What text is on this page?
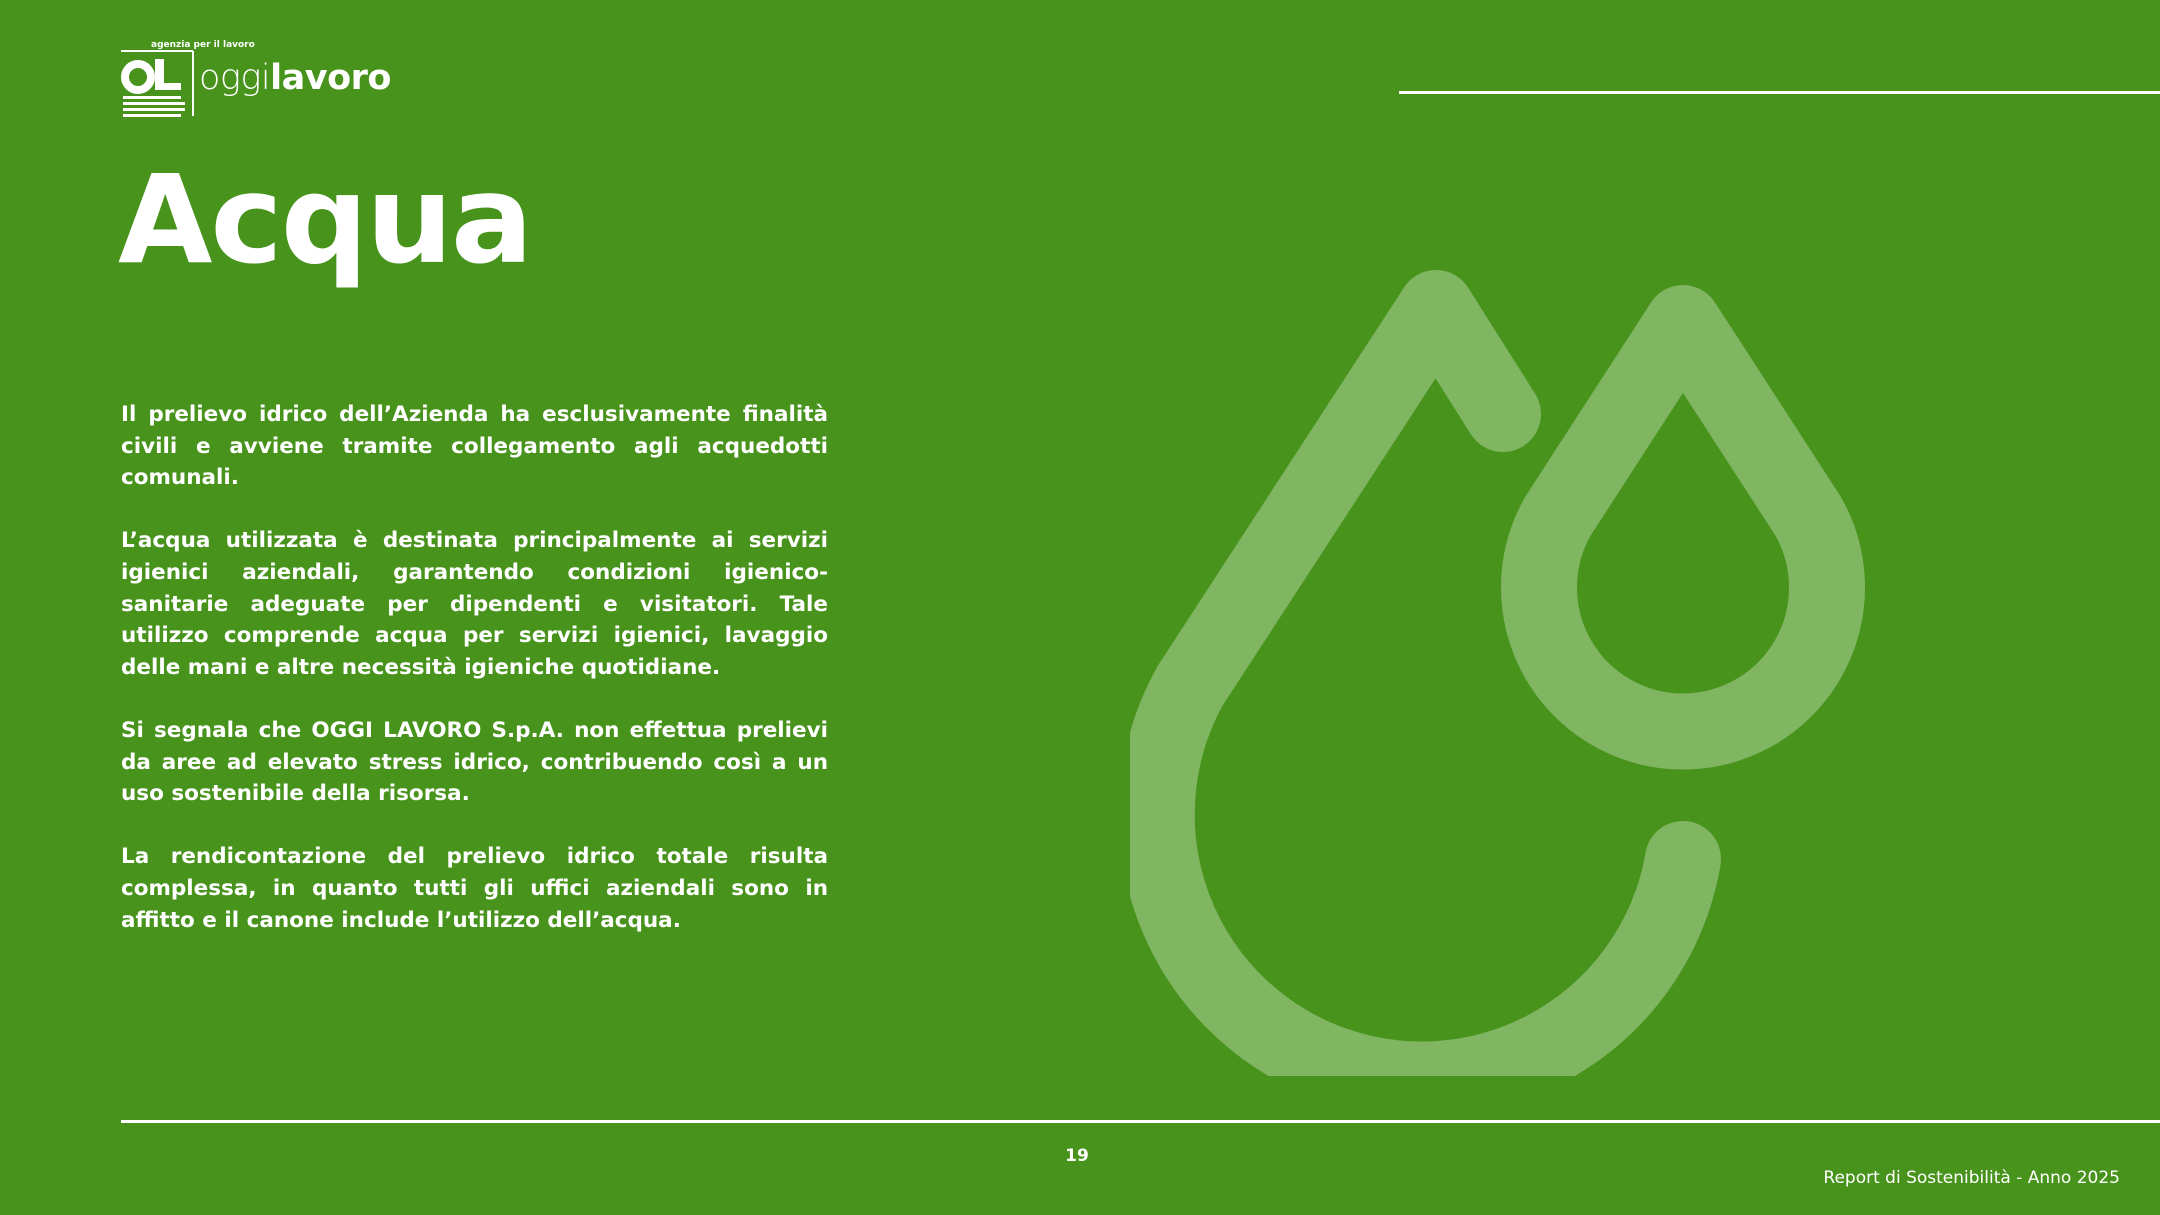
oggilavoro
agenzia per il lavoro
Acqua

Il prelievo idrico dell’Azienda ha esclusivamente finalità civili e avviene tramite collegamento agli acquedotti comunali.

L’acqua utilizzata è destinata principalmente ai servizi igienici aziendali, garantendo condizioni igienico-sanitarie adeguate per dipendenti e visitatori. Tale utilizzo comprende acqua per servizi igienici, lavaggio delle mani e altre necessità igieniche quotidiane.

Si segnala che OGGI LAVORO S.p.A. non effettua prelievi da aree ad elevato stress idrico, contribuendo così a un uso sostenibile della risorsa.

La rendicontazione del prelievo idrico totale risulta complessa, in quanto tutti gli uffici aziendali sono in affitto e il canone include l’utilizzo dell’acqua.

19
Report di Sostenibilità - Anno 2025
